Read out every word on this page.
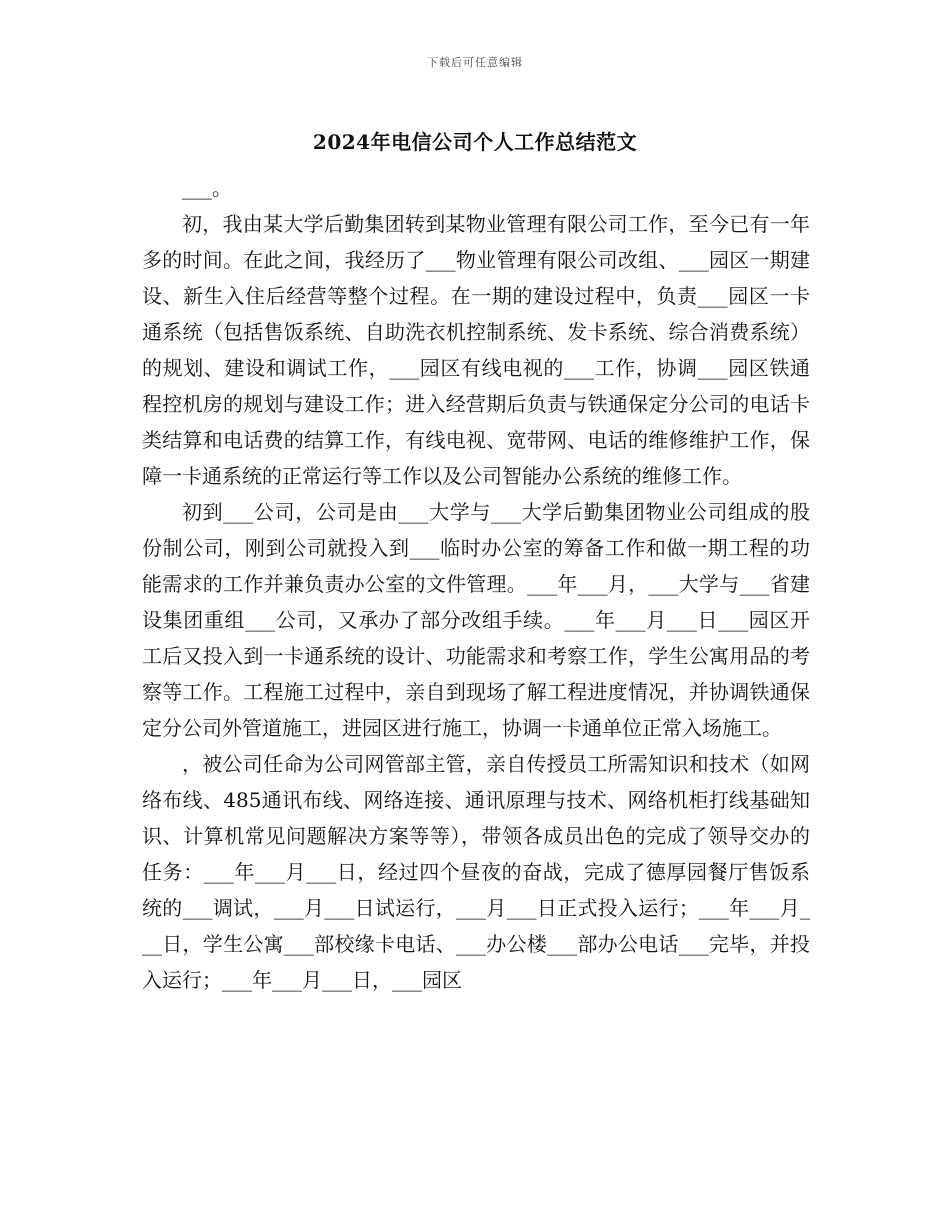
下载后可任意编辑
2024年电信公司个人工作总结范文

___。

初，我由某大学后勤集团转到某物业管理有限公司工作，至今已有一年多的时间。在此之间，我经历了___物业管理有限公司改组、___园区一期建设、新生入住后经营等整个过程。在一期的建设过程中，负责___园区一卡通系统（包括售饭系统、自助洗衣机控制系统、发卡系统、综合消费系统）的规划、建设和调试工作，___园区有线电视的___工作，协调___园区铁通程控机房的规划与建设工作；进入经营期后负责与铁通保定分公司的电话卡类结算和电话费的结算工作，有线电视、宽带网、电话的维修维护工作，保障一卡通系统的正常运行等工作以及公司智能办公系统的维修工作。

初到___公司，公司是由___大学与___大学后勤集团物业公司组成的股份制公司，刚到公司就投入到___临时办公室的筹备工作和做一期工程的功能需求的工作并兼负责办公室的文件管理。___年___月，___大学与___省建设集团重组___公司，又承办了部分改组手续。___年___月___日___园区开工后又投入到一卡通系统的设计、功能需求和考察工作，学生公寓用品的考察等工作。工程施工过程中，亲自到现场了解工程进度情况，并协调铁通保定分公司外管道施工，进园区进行施工，协调一卡通单位正常入场施工。

，被公司任命为公司网管部主管，亲自传授员工所需知识和技术（如网络布线、485通讯布线、网络连接、通讯原理与技术、网络机柜打线基础知识、计算机常见问题解决方案等等），带领各成员出色的完成了领导交办的任务：___年___月___日，经过四个昼夜的奋战，完成了德厚园餐厅售饭系统的___调试，___月___日试运行，___月___日正式投入运行；___年___月___日，学生公寓___部校缘卡电话、___办公楼___部办公电话___完毕，并投入运行；___年___月___日，___园区
